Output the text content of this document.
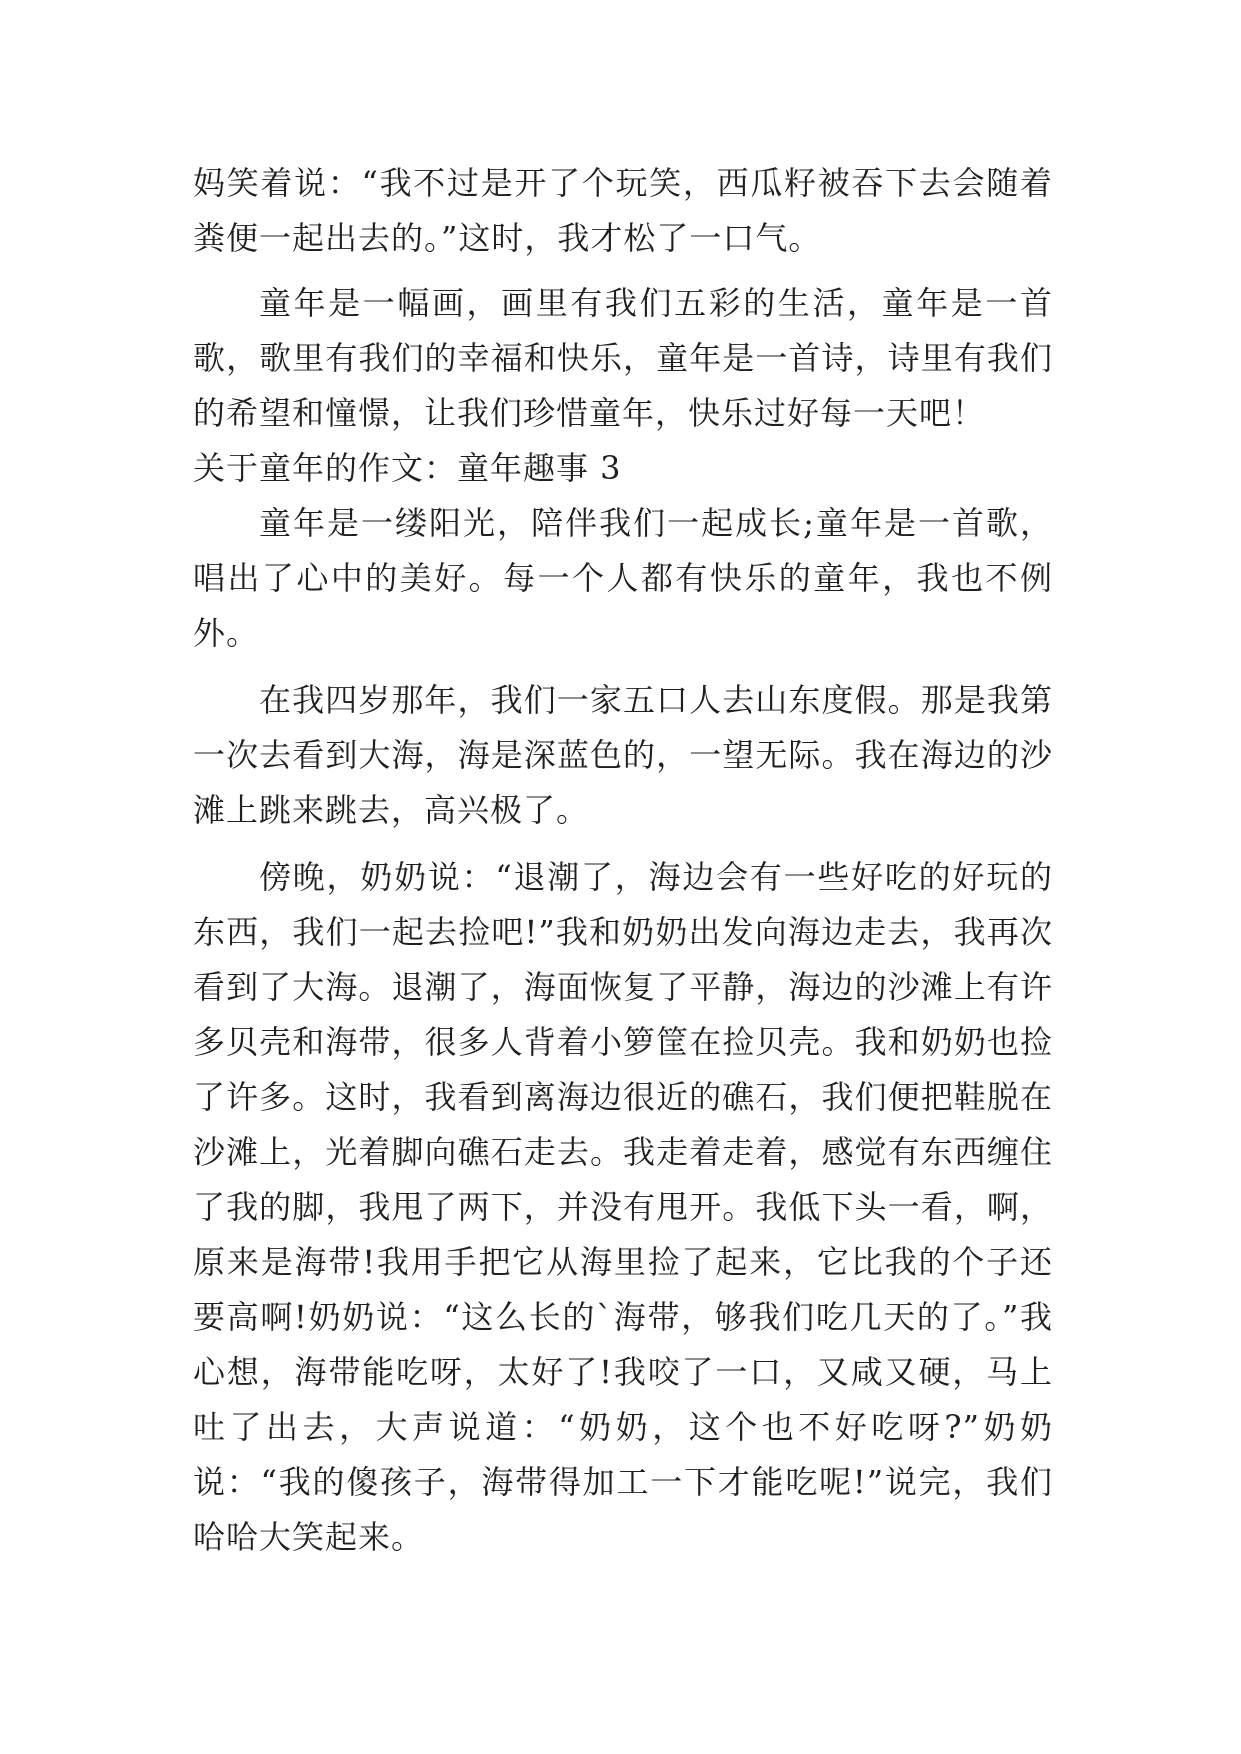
妈笑着说：“我不过是开了个玩笑，西瓜籽被吞下去会随着粪便一起出去的。”这时，我才松了一口气。

童年是一幅画，画里有我们五彩的生活，童年是一首歌，歌里有我们的幸福和快乐，童年是一首诗，诗里有我们的希望和憧憬，让我们珍惜童年，快乐过好每一天吧！

关于童年的作文：童年趣事 3

童年是一缕阳光，陪伴我们一起成长;童年是一首歌，唱出了心中的美好。每一个人都有快乐的童年，我也不例外。

在我四岁那年，我们一家五口人去山东度假。那是我第一次去看到大海，海是深蓝色的，一望无际。我在海边的沙滩上跳来跳去，高兴极了。

傍晚，奶奶说：“退潮了，海边会有一些好吃的好玩的东西，我们一起去捡吧!”我和奶奶出发向海边走去，我再次看到了大海。退潮了，海面恢复了平静，海边的沙滩上有许多贝壳和海带，很多人背着小箩筐在捡贝壳。我和奶奶也捡了许多。这时，我看到离海边很近的礁石，我们便把鞋脱在沙滩上，光着脚向礁石走去。我走着走着，感觉有东西缠住了我的脚，我甩了两下，并没有甩开。我低下头一看，啊，原来是海带!我用手把它从海里捡了起来，它比我的个子还要高啊!奶奶说：“这么长的`海带，够我们吃几天的了。”我心想，海带能吃呀，太好了!我咬了一口，又咸又硬，马上吐了出去，大声说道：“奶奶，这个也不好吃呀?”奶奶说：“我的傻孩子，海带得加工一下才能吃呢!”说完，我们哈哈大笑起来。
